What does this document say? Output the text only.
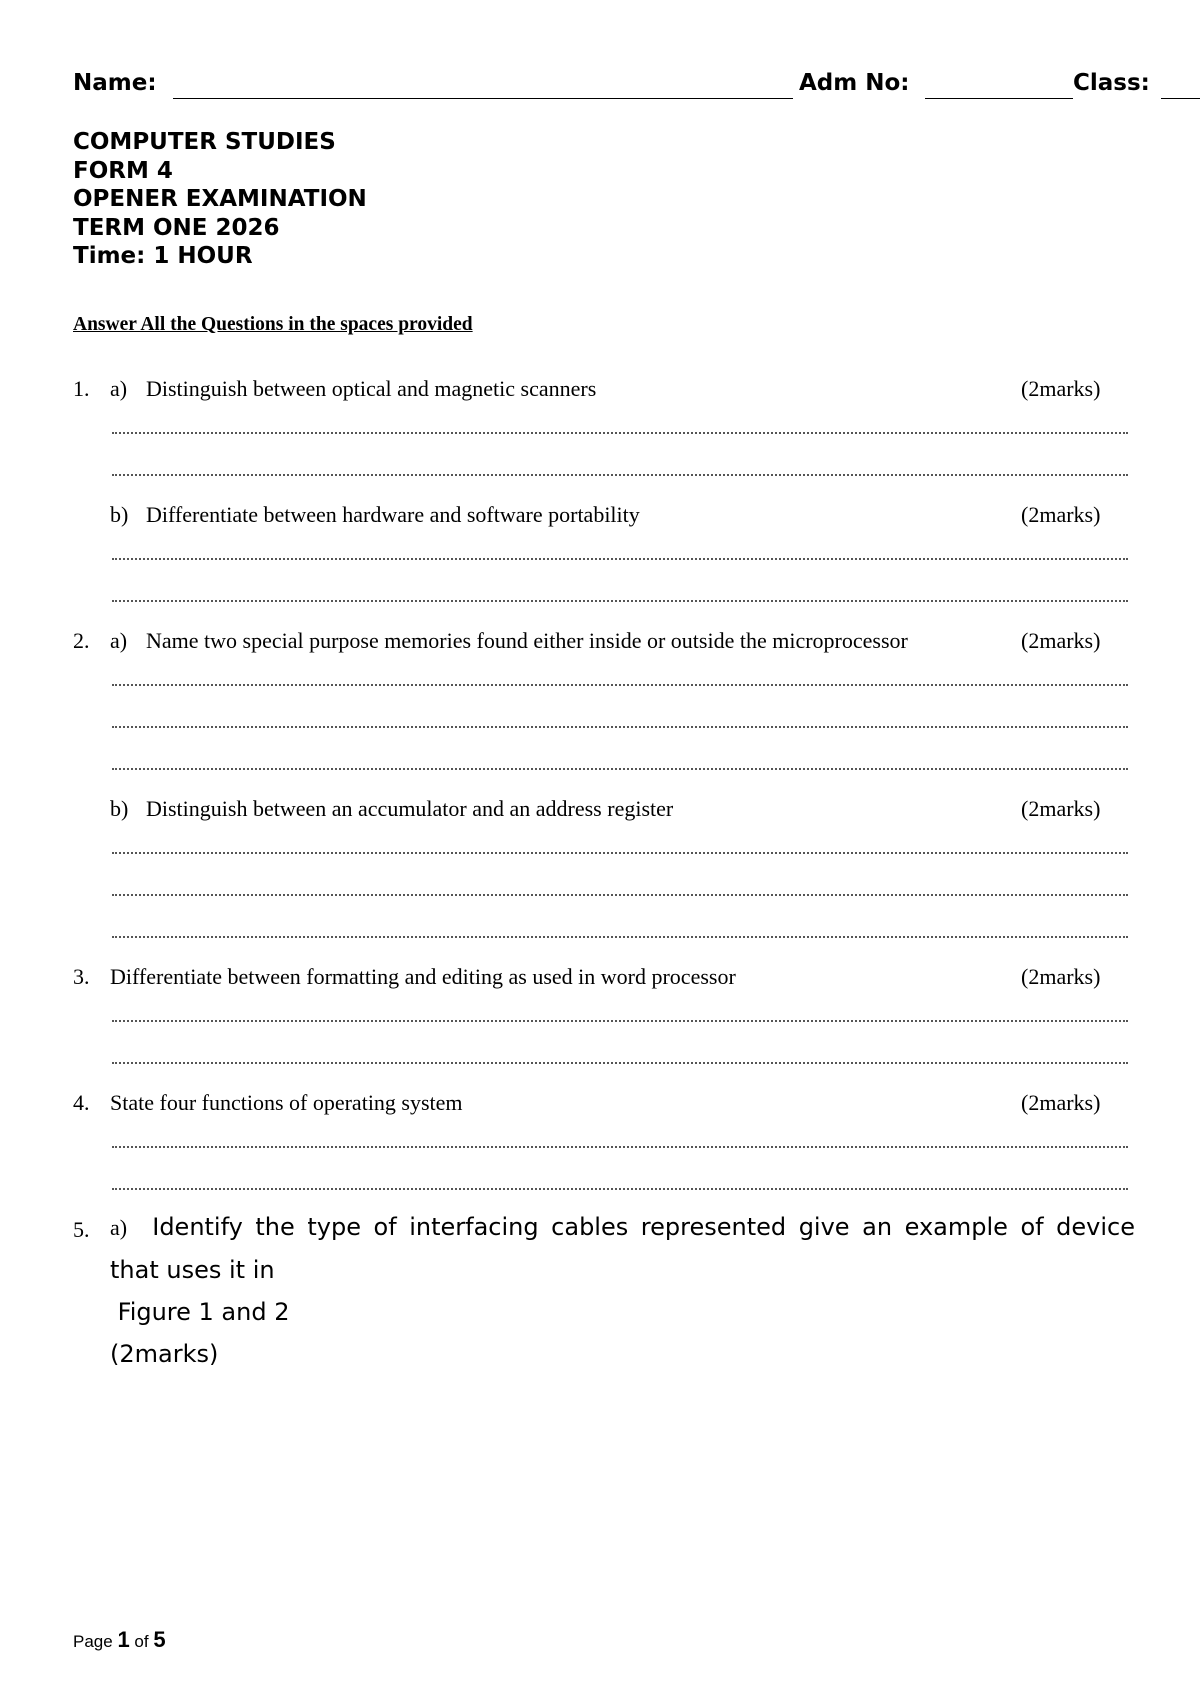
Name:	Adm No:	Class:
COMPUTER STUDIES
FORM 4
OPENER EXAMINATION
TERM ONE 2026
Time: 1 HOUR
Answer All the Questions in the spaces provided
1. a) Distinguish between optical and magnetic scanners	(2marks)
b) Differentiate between hardware and software portability	(2marks)
2. a) Name two special purpose memories found either inside or outside the microprocessor	(2marks)
b) Distinguish between an accumulator and an address register	(2marks)
3. Differentiate between formatting and editing as used in word processor	(2marks)
4. State four functions of operating system	(2marks)
5. a) Identify the type of interfacing cables represented give an example of device
that uses it in
Figure 1 and 2
(2marks)
Page 1 of 5
